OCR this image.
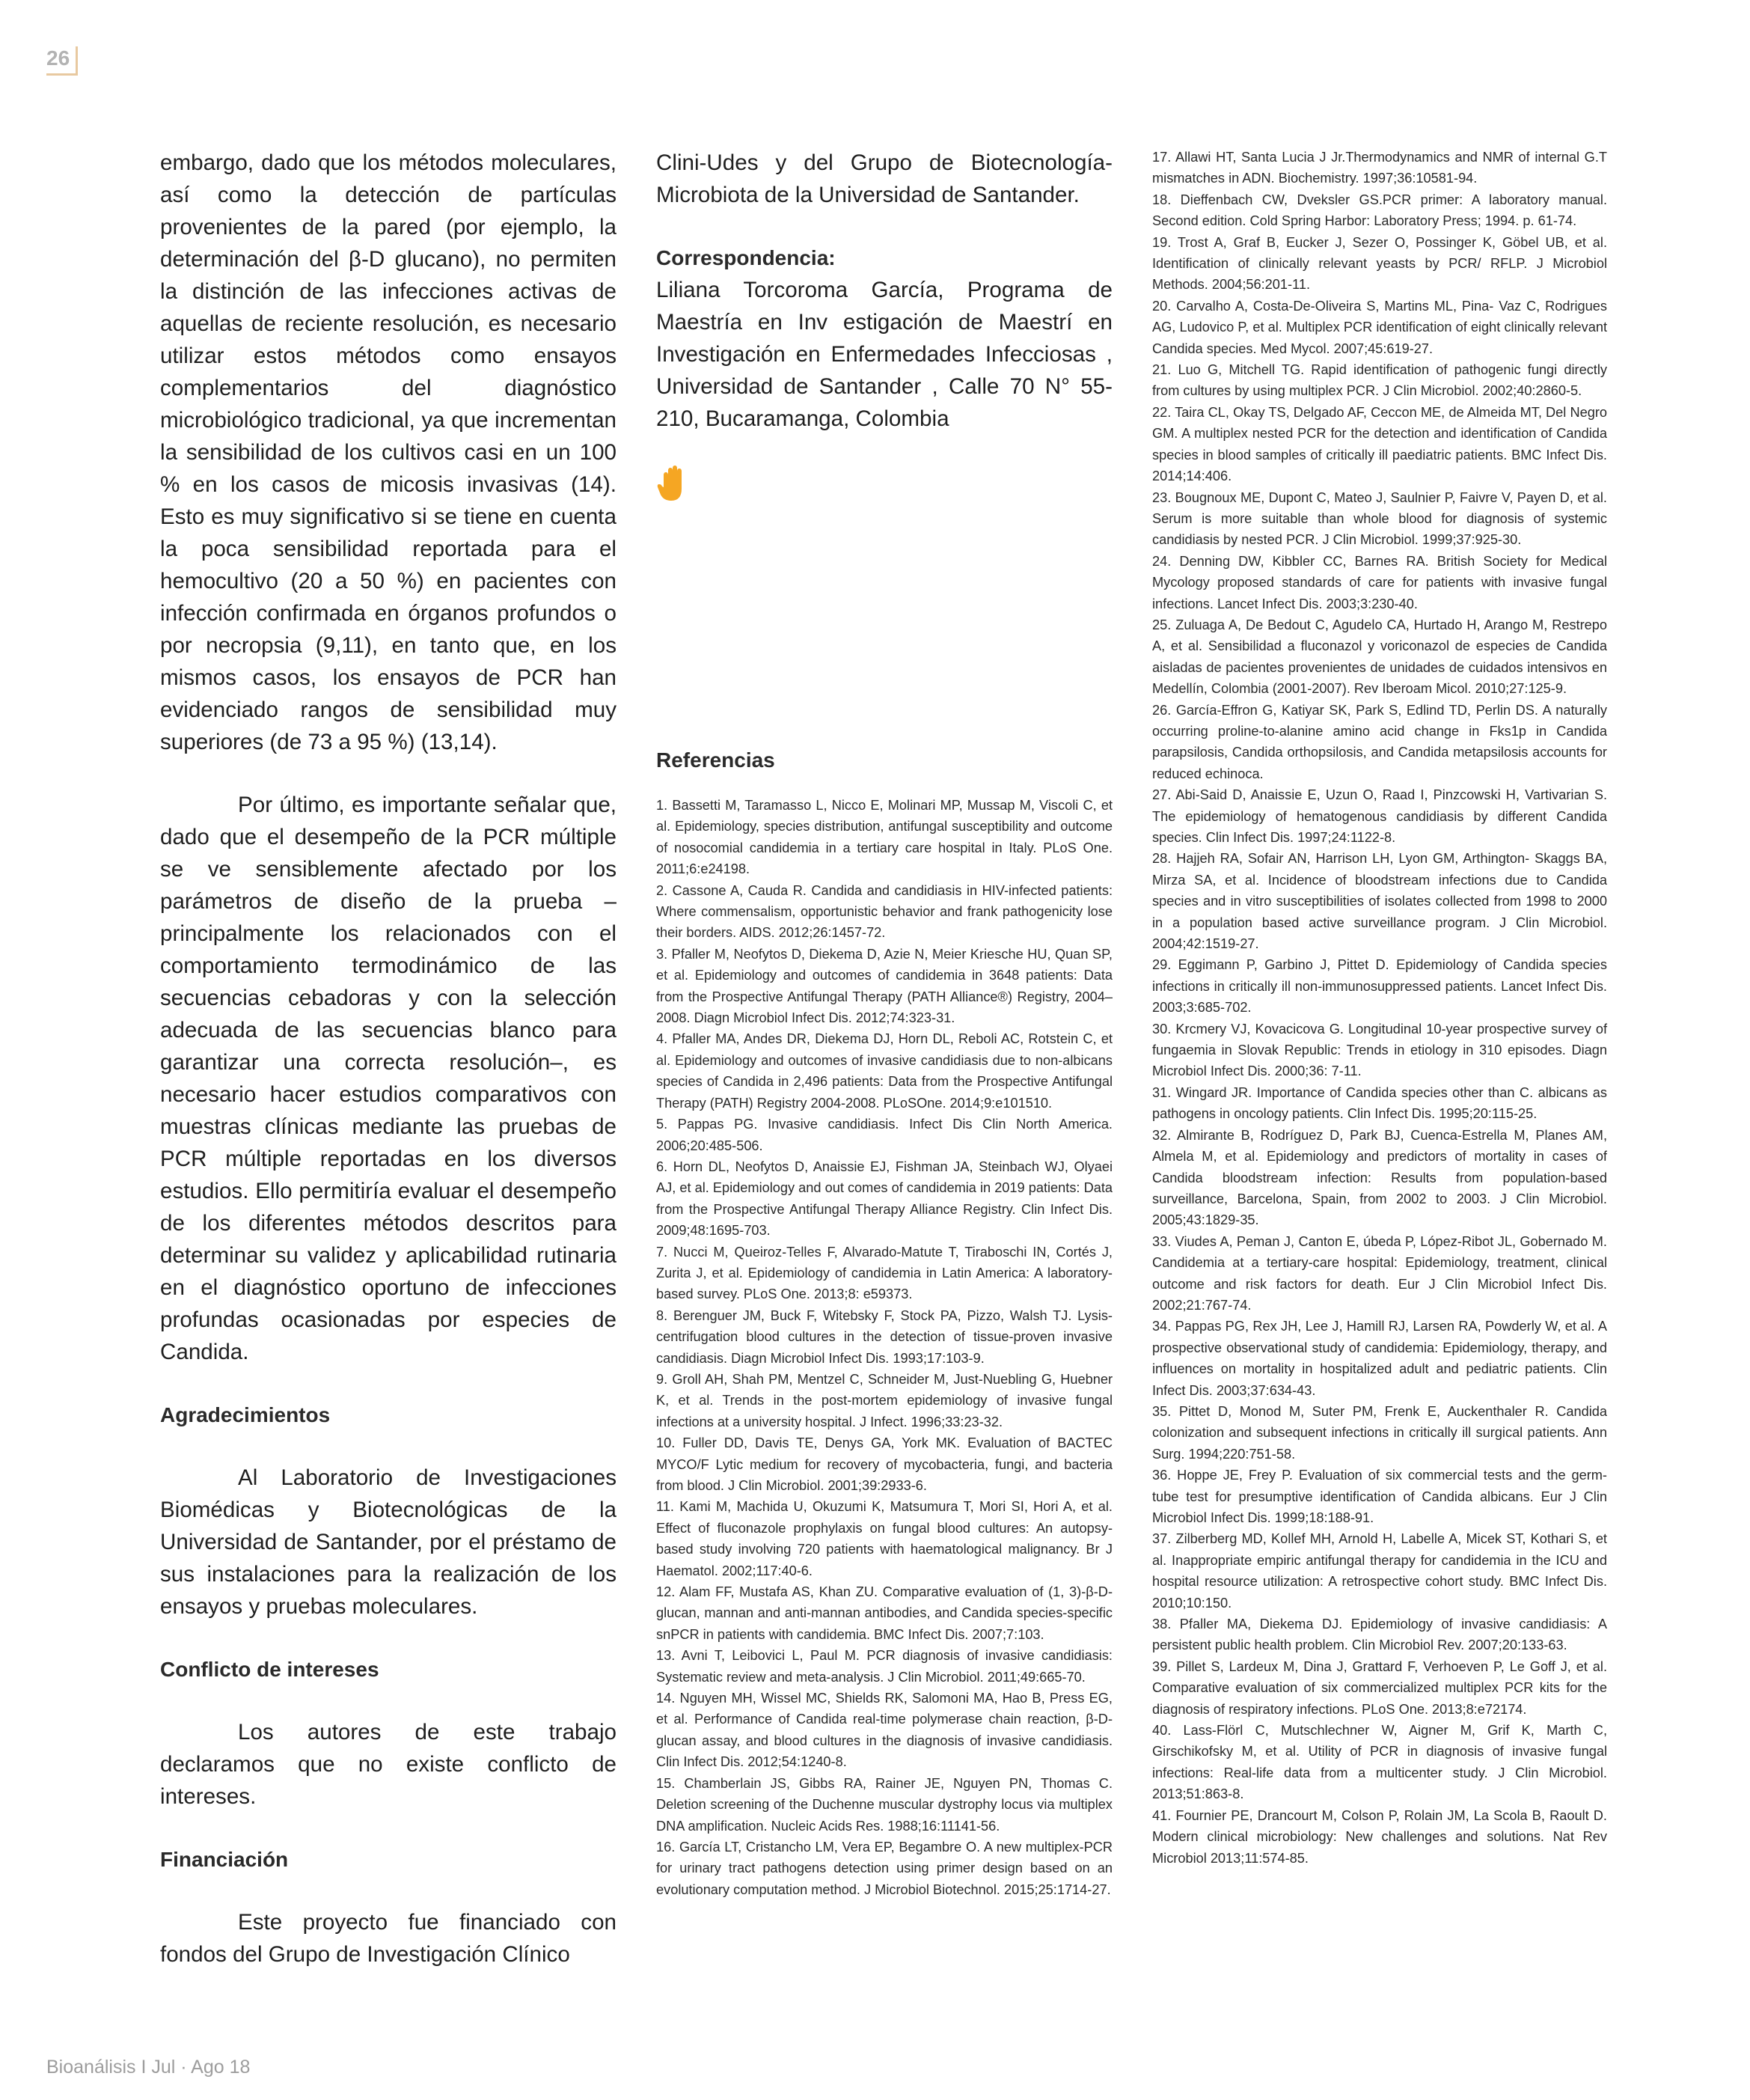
26

embargo, dado que los métodos moleculares, así como la detección de partículas provenientes de la pared (por ejemplo, la determinación del β-D glucano), no permiten la distinción de las infecciones activas de aquellas de reciente resolución, es necesario utilizar estos métodos como ensayos complementarios del diagnóstico microbiológico tradicional, ya que incrementan la sensibilidad de los cultivos casi en un 100 % en los casos de micosis invasivas (14). Esto es muy significativo si se tiene en cuenta la poca sensibilidad reportada para el hemocultivo (20 a 50 %) en pacientes con infección confirmada en órganos profundos o por necropsia (9,11), en tanto que, en los mismos casos, los ensayos de PCR han evidenciado rangos de sensibilidad muy superiores (de 73 a 95 %) (13,14).

Por último, es importante señalar que, dado que el desempeño de la PCR múltiple se ve sensiblemente afectado por los parámetros de diseño de la prueba –principalmente los relacionados con el comportamiento termodinámico de las secuencias cebadoras y con la selección adecuada de las secuencias blanco para garantizar una correcta resolución–, es necesario hacer estudios comparativos con muestras clínicas mediante las pruebas de PCR múltiple reportadas en los diversos estudios. Ello permitiría evaluar el desempeño de los diferentes métodos descritos para determinar su validez y aplicabilidad rutinaria en el diagnóstico oportuno de infecciones profundas ocasionadas por especies de Candida.

Agradecimientos

Al Laboratorio de Investigaciones Biomédicas y Biotecnológicas de la Universidad de Santander, por el préstamo de sus instalaciones para la realización de los ensayos y pruebas moleculares.

Conflicto de intereses

Los autores de este trabajo declaramos que no existe conflicto de intereses.

Financiación

Este proyecto fue financiado con fondos del Grupo de Investigación Clínico

Clini-Udes y del Grupo de Biotecnología-Microbiota de la Universidad de Santander.

Correspondencia:

Liliana Torcoroma García, Programa de Maestría en Inv estigación de Maestrí en Investigación en Enfermedades Infecciosas , Universidad de Santander , Calle 70 N° 55-210, Bucaramanga, Colombia

Referencias

1. Bassetti M, Taramasso L, Nicco E, Molinari MP, Mussap M, Viscoli C, et al. Epidemiology, species distribution, antifungal susceptibility and outcome of nosocomial candidemia in a tertiary care hospital in Italy. PLoS One. 2011;6:e24198.
2. Cassone A, Cauda R. Candida and candidiasis in HIV-infected patients: Where commensalism, opportunistic behavior and frank pathogenicity lose their borders. AIDS. 2012;26:1457-72.
3. Pfaller M, Neofytos D, Diekema D, Azie N, Meier Kriesche HU, Quan SP, et al. Epidemiology and outcomes of candidemia in 3648 patients: Data from the Prospective Antifungal Therapy (PATH Alliance®) Registry, 2004–2008. Diagn Microbiol Infect Dis. 2012;74:323-31.
4. Pfaller MA, Andes DR, Diekema DJ, Horn DL, Reboli AC, Rotstein C, et al. Epidemiology and outcomes of invasive candidiasis due to non-albicans species of Candida in 2,496 patients: Data from the Prospective Antifungal Therapy (PATH) Registry 2004-2008. PLoSOne. 2014;9:e101510.
5. Pappas PG. Invasive candidiasis. Infect Dis Clin North America. 2006;20:485-506.
6. Horn DL, Neofytos D, Anaissie EJ, Fishman JA, Steinbach WJ, Olyaei AJ, et al. Epidemiology and out comes of candidemia in 2019 patients: Data from the Prospective Antifungal Therapy Alliance Registry. Clin Infect Dis. 2009;48:1695-703.
7. Nucci M, Queiroz-Telles F, Alvarado-Matute T, Tiraboschi IN, Cortés J, Zurita J, et al. Epidemiology of candidemia in Latin America: A laboratory-based survey. PLoS One. 2013;8: e59373.
8. Berenguer JM, Buck F, Witebsky F, Stock PA, Pizzo, Walsh TJ. Lysis-centrifugation blood cultures in the detection of tissue-proven invasive candidiasis. Diagn Microbiol Infect Dis. 1993;17:103-9.
9. Groll AH, Shah PM, Mentzel C, Schneider M, Just-Nuebling G, Huebner K, et al. Trends in the post-mortem epidemiology of invasive fungal infections at a university hospital. J Infect. 1996;33:23-32.
10. Fuller DD, Davis TE, Denys GA, York MK. Evaluation of BACTEC MYCO/F Lytic medium for recovery of mycobacteria, fungi, and bacteria from blood. J Clin Microbiol. 2001;39:2933-6.
11. Kami M, Machida U, Okuzumi K, Matsumura T, Mori SI, Hori A, et al. Effect of fluconazole prophylaxis on fungal blood cultures: An autopsy-based study involving 720 patients with haematological malignancy. Br J Haematol. 2002;117:40-6.
12. Alam FF, Mustafa AS, Khan ZU. Comparative evaluation of (1, 3)-β-D-glucan, mannan and anti-mannan antibodies, and Candida species-specific snPCR in patients with candidemia. BMC Infect Dis. 2007;7:103.
13. Avni T, Leibovici L, Paul M. PCR diagnosis of invasive candidiasis: Systematic review and meta-analysis. J Clin Microbiol. 2011;49:665-70.
14. Nguyen MH, Wissel MC, Shields RK, Salomoni MA, Hao B, Press EG, et al. Performance of Candida real-time polymerase chain reaction, β-D-glucan assay, and blood cultures in the diagnosis of invasive candidiasis. Clin Infect Dis. 2012;54:1240-8.
15. Chamberlain JS, Gibbs RA, Rainer JE, Nguyen PN, Thomas C. Deletion screening of the Duchenne muscular dystrophy locus via multiplex DNA amplification. Nucleic Acids Res. 1988;16:11141-56.
16. García LT, Cristancho LM, Vera EP, Begambre O. A new multiplex-PCR for urinary tract pathogens detection using primer design based on an evolutionary computation method. J Microbiol Biotechnol. 2015;25:1714-27.
17. Allawi HT, Santa Lucia J Jr.Thermodynamics and NMR of internal G.T mismatches in ADN. Biochemistry. 1997;36:10581-94.
18. Dieffenbach CW, Dveksler GS.PCR primer: A laboratory manual. Second edition. Cold Spring Harbor: Laboratory Press; 1994. p. 61-74.
19. Trost A, Graf B, Eucker J, Sezer O, Possinger K, Göbel UB, et al. Identification of clinically relevant yeasts by PCR/ RFLP. J Microbiol Methods. 2004;56:201-11.
20. Carvalho A, Costa-De-Oliveira S, Martins ML, Pina- Vaz C, Rodrigues AG, Ludovico P, et al. Multiplex PCR identification of eight clinically relevant Candida species. Med Mycol. 2007;45:619-27.
21. Luo G, Mitchell TG. Rapid identification of pathogenic fungi directly from cultures by using multiplex PCR. J Clin Microbiol. 2002;40:2860-5.
22. Taira CL, Okay TS, Delgado AF, Ceccon ME, de Almeida MT, Del Negro GM. A multiplex nested PCR for the detection and identification of Candida species in blood samples of critically ill paediatric patients. BMC Infect Dis. 2014;14:406.
23. Bougnoux ME, Dupont C, Mateo J, Saulnier P, Faivre V, Payen D, et al. Serum is more suitable than whole blood for diagnosis of systemic candidiasis by nested PCR. J Clin Microbiol. 1999;37:925-30.
24. Denning DW, Kibbler CC, Barnes RA. British Society for Medical Mycology proposed standards of care for patients with invasive fungal infections. Lancet Infect Dis. 2003;3:230-40.
25. Zuluaga A, De Bedout C, Agudelo CA, Hurtado H, Arango M, Restrepo A, et al. Sensibilidad a fluconazol y voriconazol de especies de Candida aisladas de pacientes provenientes de unidades de cuidados intensivos en Medellín, Colombia (2001-2007). Rev Iberoam Micol. 2010;27:125-9.
26. García-Effron G, Katiyar SK, Park S, Edlind TD, Perlin DS. A naturally occurring proline-to-alanine amino acid change in Fks1p in Candida parapsilosis, Candida orthopsilosis, and Candida metapsilosis accounts for reduced echinoca.
27. Abi-Said D, Anaissie E, Uzun O, Raad I, Pinzcowski H, Vartivarian S. The epidemiology of hematogenous candidiasis by different Candida species. Clin Infect Dis. 1997;24:1122-8.
28. Hajjeh RA, Sofair AN, Harrison LH, Lyon GM, Arthington- Skaggs BA, Mirza SA, et al. Incidence of bloodstream infections due to Candida species and in vitro susceptibilities of isolates collected from 1998 to 2000 in a population based active surveillance program. J Clin Microbiol. 2004;42:1519-27.
29. Eggimann P, Garbino J, Pittet D. Epidemiology of Candida species infections in critically ill non-immunosuppressed patients. Lancet Infect Dis. 2003;3:685-702.
30. Krcmery VJ, Kovacicova G. Longitudinal 10-year prospective survey of fungaemia in Slovak Republic: Trends in etiology in 310 episodes. Diagn Microbiol Infect Dis. 2000;36: 7-11.
31. Wingard JR. Importance of Candida species other than C. albicans as pathogens in oncology patients. Clin Infect Dis. 1995;20:115-25.
32. Almirante B, Rodríguez D, Park BJ, Cuenca-Estrella M, Planes AM, Almela M, et al. Epidemiology and predictors of mortality in cases of Candida bloodstream infection: Results from population-based surveillance, Barcelona, Spain, from 2002 to 2003. J Clin Microbiol. 2005;43:1829-35.
33. Viudes A, Peman J, Canton E, úbeda P, López-Ribot JL, Gobernado M. Candidemia at a tertiary-care hospital: Epidemiology, treatment, clinical outcome and risk factors for death. Eur J Clin Microbiol Infect Dis. 2002;21:767-74.
34. Pappas PG, Rex JH, Lee J, Hamill RJ, Larsen RA, Powderly W, et al. A prospective observational study of candidemia: Epidemiology, therapy, and influences on mortality in hospitalized adult and pediatric patients. Clin Infect Dis. 2003;37:634-43.
35. Pittet D, Monod M, Suter PM, Frenk E, Auckenthaler R. Candida colonization and subsequent infections in critically ill surgical patients. Ann Surg. 1994;220:751-58.
36. Hoppe JE, Frey P. Evaluation of six commercial tests and the germ-tube test for presumptive identification of Candida albicans. Eur J Clin Microbiol Infect Dis. 1999;18:188-91.
37. Zilberberg MD, Kollef MH, Arnold H, Labelle A, Micek ST, Kothari S, et al. Inappropriate empiric antifungal therapy for candidemia in the ICU and hospital resource utilization: A retrospective cohort study. BMC Infect Dis. 2010;10:150.
38. Pfaller MA, Diekema DJ. Epidemiology of invasive candidiasis: A persistent public health problem. Clin Microbiol Rev. 2007;20:133-63.
39. Pillet S, Lardeux M, Dina J, Grattard F, Verhoeven P, Le Goff J, et al. Comparative evaluation of six commercialized multiplex PCR kits for the diagnosis of respiratory infections. PLoS One. 2013;8:e72174.
40. Lass-Flörl C, Mutschlechner W, Aigner M, Grif K, Marth C, Girschikofsky M, et al. Utility of PCR in diagnosis of invasive fungal infections: Real-life data from a multicenter study. J Clin Microbiol. 2013;51:863-8.
41. Fournier PE, Drancourt M, Colson P, Rolain JM, La Scola B, Raoult D. Modern clinical microbiology: New challenges and solutions. Nat Rev Microbiol 2013;11:574-85.
Bioanálisis I Jul · Ago 18
